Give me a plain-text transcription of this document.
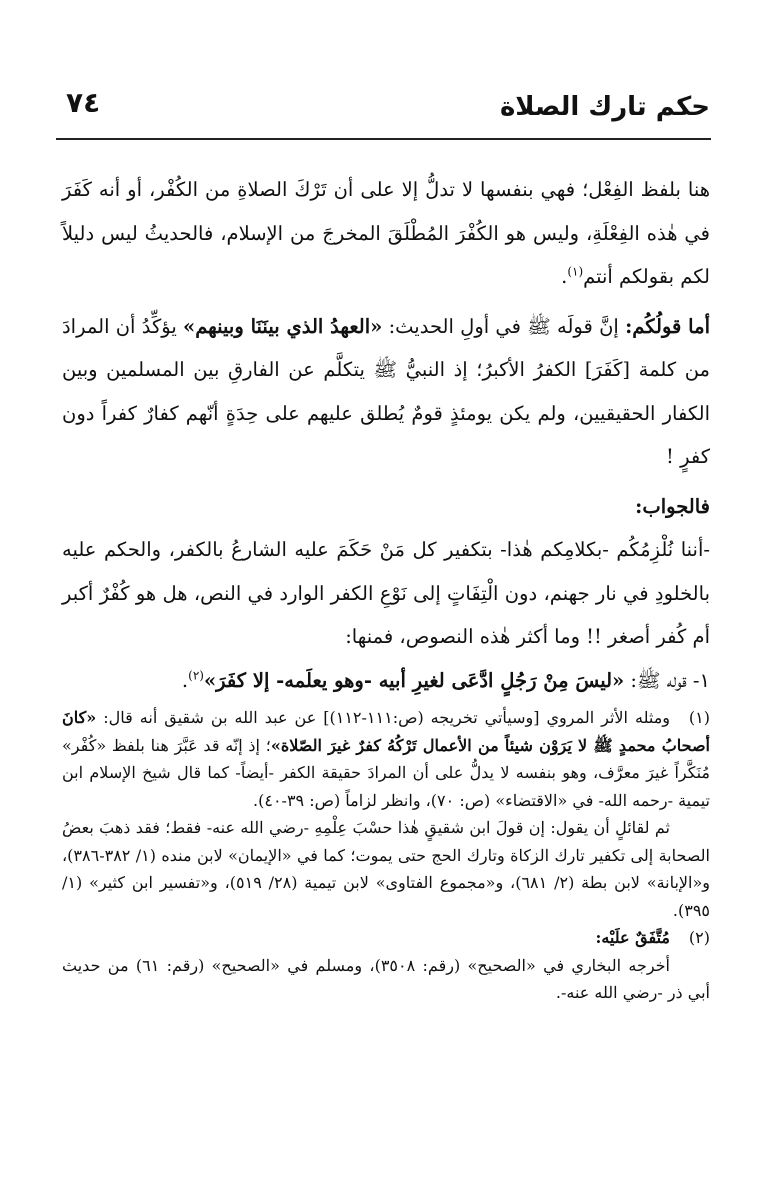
حكم تارك الصلاة
٧٤

هنا بلفظ الفِعْل؛ فهي بنفسها لا تدلُّ إلا على أن تَرْكَ الصلاةِ من الكُفْر، أو أنه كَفَرَ في هٰذه الفِعْلَةِ، وليس هو الكُفْرَ المُطْلَقَ المخرجَ من الإسلام، فالحديثُ ليس دليلاً لكم بقولكم أنتم$^{(١)}$.

أما قولُكُم: إنَّ قولَه ﷺ في أولِ الحديث: «العهدُ الذي بينَنَا وبينهم» يؤكِّدُ أن المرادَ من كلمة [كَفَرَ] الكفرُ الأكبرُ؛ إذ النبيُّ ﷺ يتكلَّم عن الفارقِ بين المسلمين وبين الكفار الحقيقيين، ولم يكن يومئذٍ قومٌ يُطلق عليهم على حِدَةٍ أنّهم كفارٌ كفراً دون كفرٍ !

فالجواب:

-أننا نُلْزِمُكُم -بكلامِكم هٰذا- بتكفير كل مَنْ حَكَمَ عليه الشارعُ بالكفر، والحكم عليه بالخلودِ في نار جهنم، دون الْتِفَاتٍ إلى نَوْعِ الكفر الوارد في النص، هل هو كُفْرٌ أكبر أم كُفر أصغر !! وما أكثر هٰذه النصوص، فمنها:

١- قوله ﷺ: «ليسَ مِنْ رَجُلٍ ادَّعَى لغيرِ أبيه -وهو يعلَمه- إلا كفَرَ»$^{(٢)}$.

(١)ومثله الأثر المروي [وسيأتي تخريجه (ص:١١١-١١٢)] عن عبد الله بن شقيق أنه قال: «كانَ أصحابُ محمدٍ ﷺ لا يَرَوْن شيئاً من الأعمال تَرْكُهُ كفرٌ غيرَ الصّلاة»؛ إذ إنّه قد عَبَّرَ هنا بلفظ «كُفْر» مُنَكَّراً غيرَ معرَّف، وهو بنفسه لا يدلُّ على أن المرادَ حقيقة الكفر -أيضاً- كما قال شيخ الإسلام ابن تيمية -رحمه الله- في «الاقتضاء» (ص: ٧٠)، وانظر لزاماً (ص: ٣٩-٤٠).

ثم لقائلٍ أن يقول: إن قولَ ابن شقيقٍ هٰذا حسْبَ عِلْمِهِ -رضي الله عنه- فقط؛ فقد ذهبَ بعضُ الصحابة إلى تكفير تارك الزكاة وتارك الحج حتى يموت؛ كما في «الإيمان» لابن منده (١/ ٣٨٢-٣٨٦)، و«الإبانة» لابن بطة (٢/ ٦٨١)، و«مجموع الفتاوى» لابن تيمية (٢٨/ ٥١٩)، و«تفسير ابن كثير» (١/ ٣٩٥).

(٢)مُتَّفَقٌ علَيْه:

أخرجه البخاري في «الصحيح» (رقم: ٣٥٠٨)، ومسلم في «الصحيح» (رقم: ٦١) من حديث أبي ذر -رضي الله عنه-.
